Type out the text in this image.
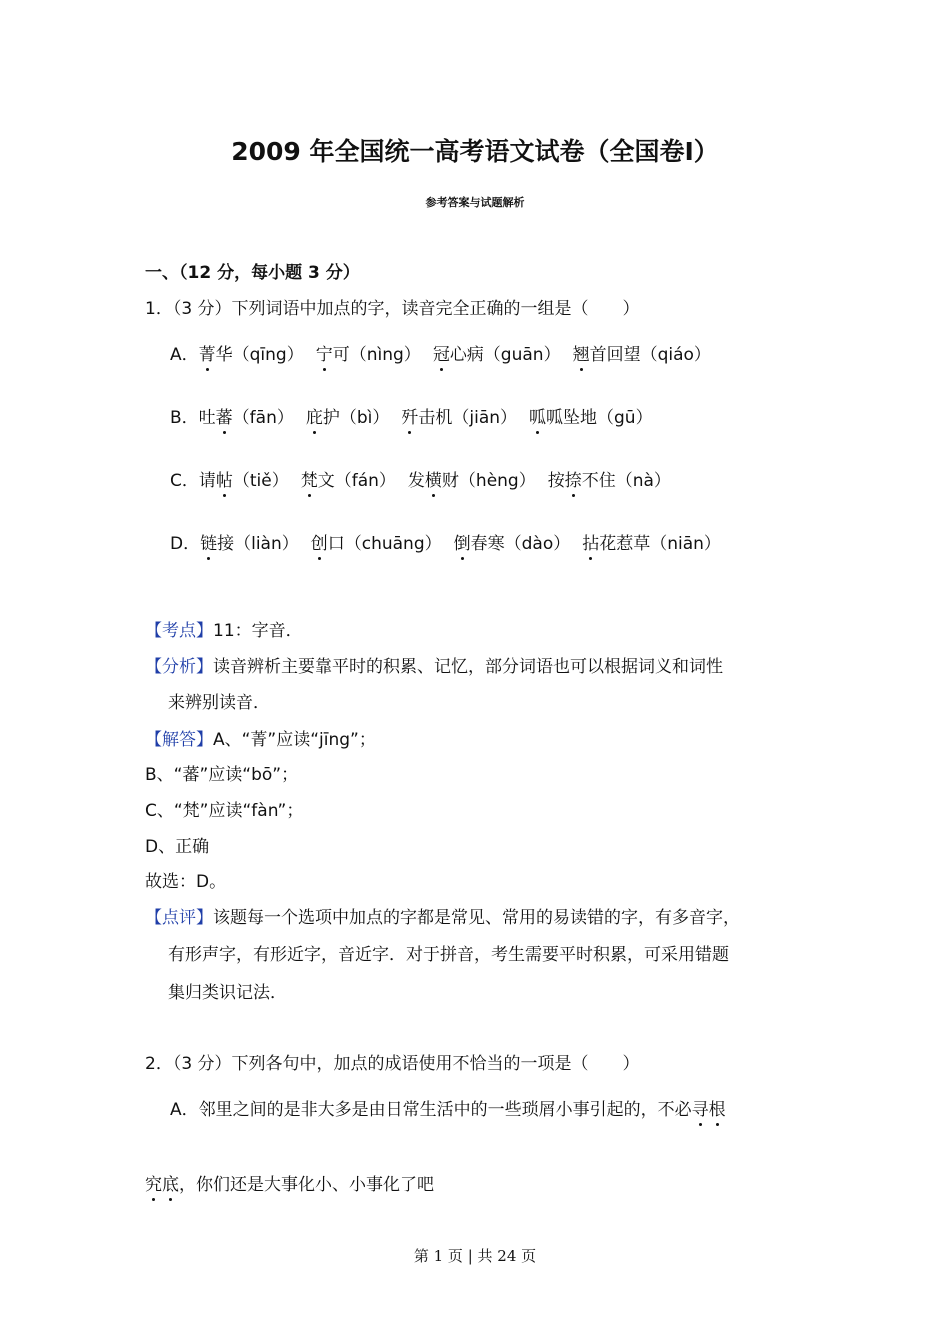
2009 年全国统一高考语文试卷（全国卷Ⅰ）
参考答案与试题解析
一、（12 分，每小题 3 分）
1．（3 分）下列词语中加点的字，读音完全正确的一组是（　　）
A．菁华（qīng） 宁可（nìng） 冠心病（guān） 翘首回望（qiáo）
B．吐蕃（fān） 庇护（bì） 歼击机（jiān） 呱呱坠地（gū）
C．请帖（tiě） 梵文（fán） 发横财（hèng） 按捺不住（nà）
D．链接（liàn） 创口（chuāng） 倒春寒（dào） 拈花惹草（niān）
【考点】11：字音．
【分析】读音辨析主要靠平时的积累、记忆，部分词语也可以根据词义和词性
来辨别读音．
【解答】A、“菁”应读“jīng”；
B、“蕃”应读“bō”；
C、“梵”应读“fàn”；
D、正确
故选：D。
【点评】该题每一个选项中加点的字都是常见、常用的易读错的字，有多音字，
有形声字，有形近字，音近字．对于拼音，考生需要平时积累，可采用错题
集归类识记法．
2．（3 分）下列各句中，加点的成语使用不恰当的一项是（　　）
A．邻里之间的是非大多是由日常生活中的一些琐屑小事引起的，不必寻根
究底，你们还是大事化小、小事化了吧
第 1 页 | 共 24 页
